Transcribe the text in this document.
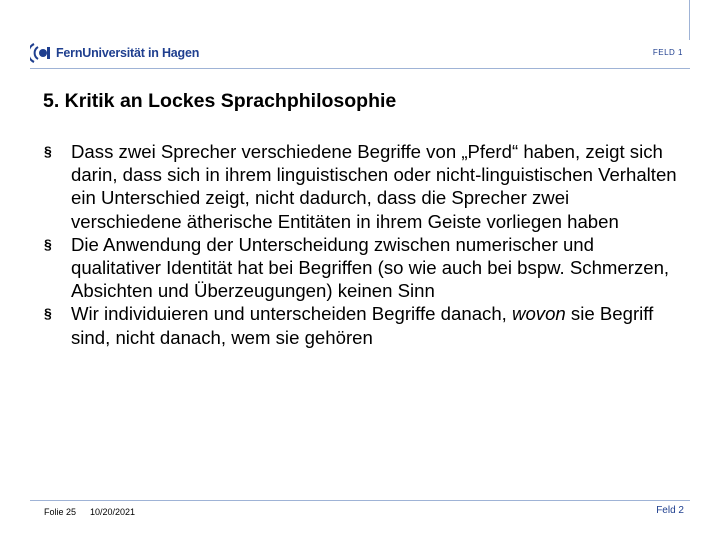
FernUniversität in Hagen	FELD 1
5. Kritik an Lockes Sprachphilosophie
§ Dass zwei Sprecher verschiedene Begriffe von „Pferd“ haben, zeigt sich darin, dass sich in ihrem linguistischen oder nicht-linguistischen Verhalten ein Unterschied zeigt, nicht dadurch, dass die Sprecher zwei verschiedene ätherische Entitäten in ihrem Geiste vorliegen haben
§ Die Anwendung der Unterscheidung zwischen numerischer und qualitativer Identität hat bei Begriffen (so wie auch bei bspw. Schmerzen, Absichten und Überzeugungen) keinen Sinn
§ Wir individuieren und unterscheiden Begriffe danach, wovon sie Begriff sind, nicht danach, wem sie gehören
Folie 25 10/20/2021	Feld 2
